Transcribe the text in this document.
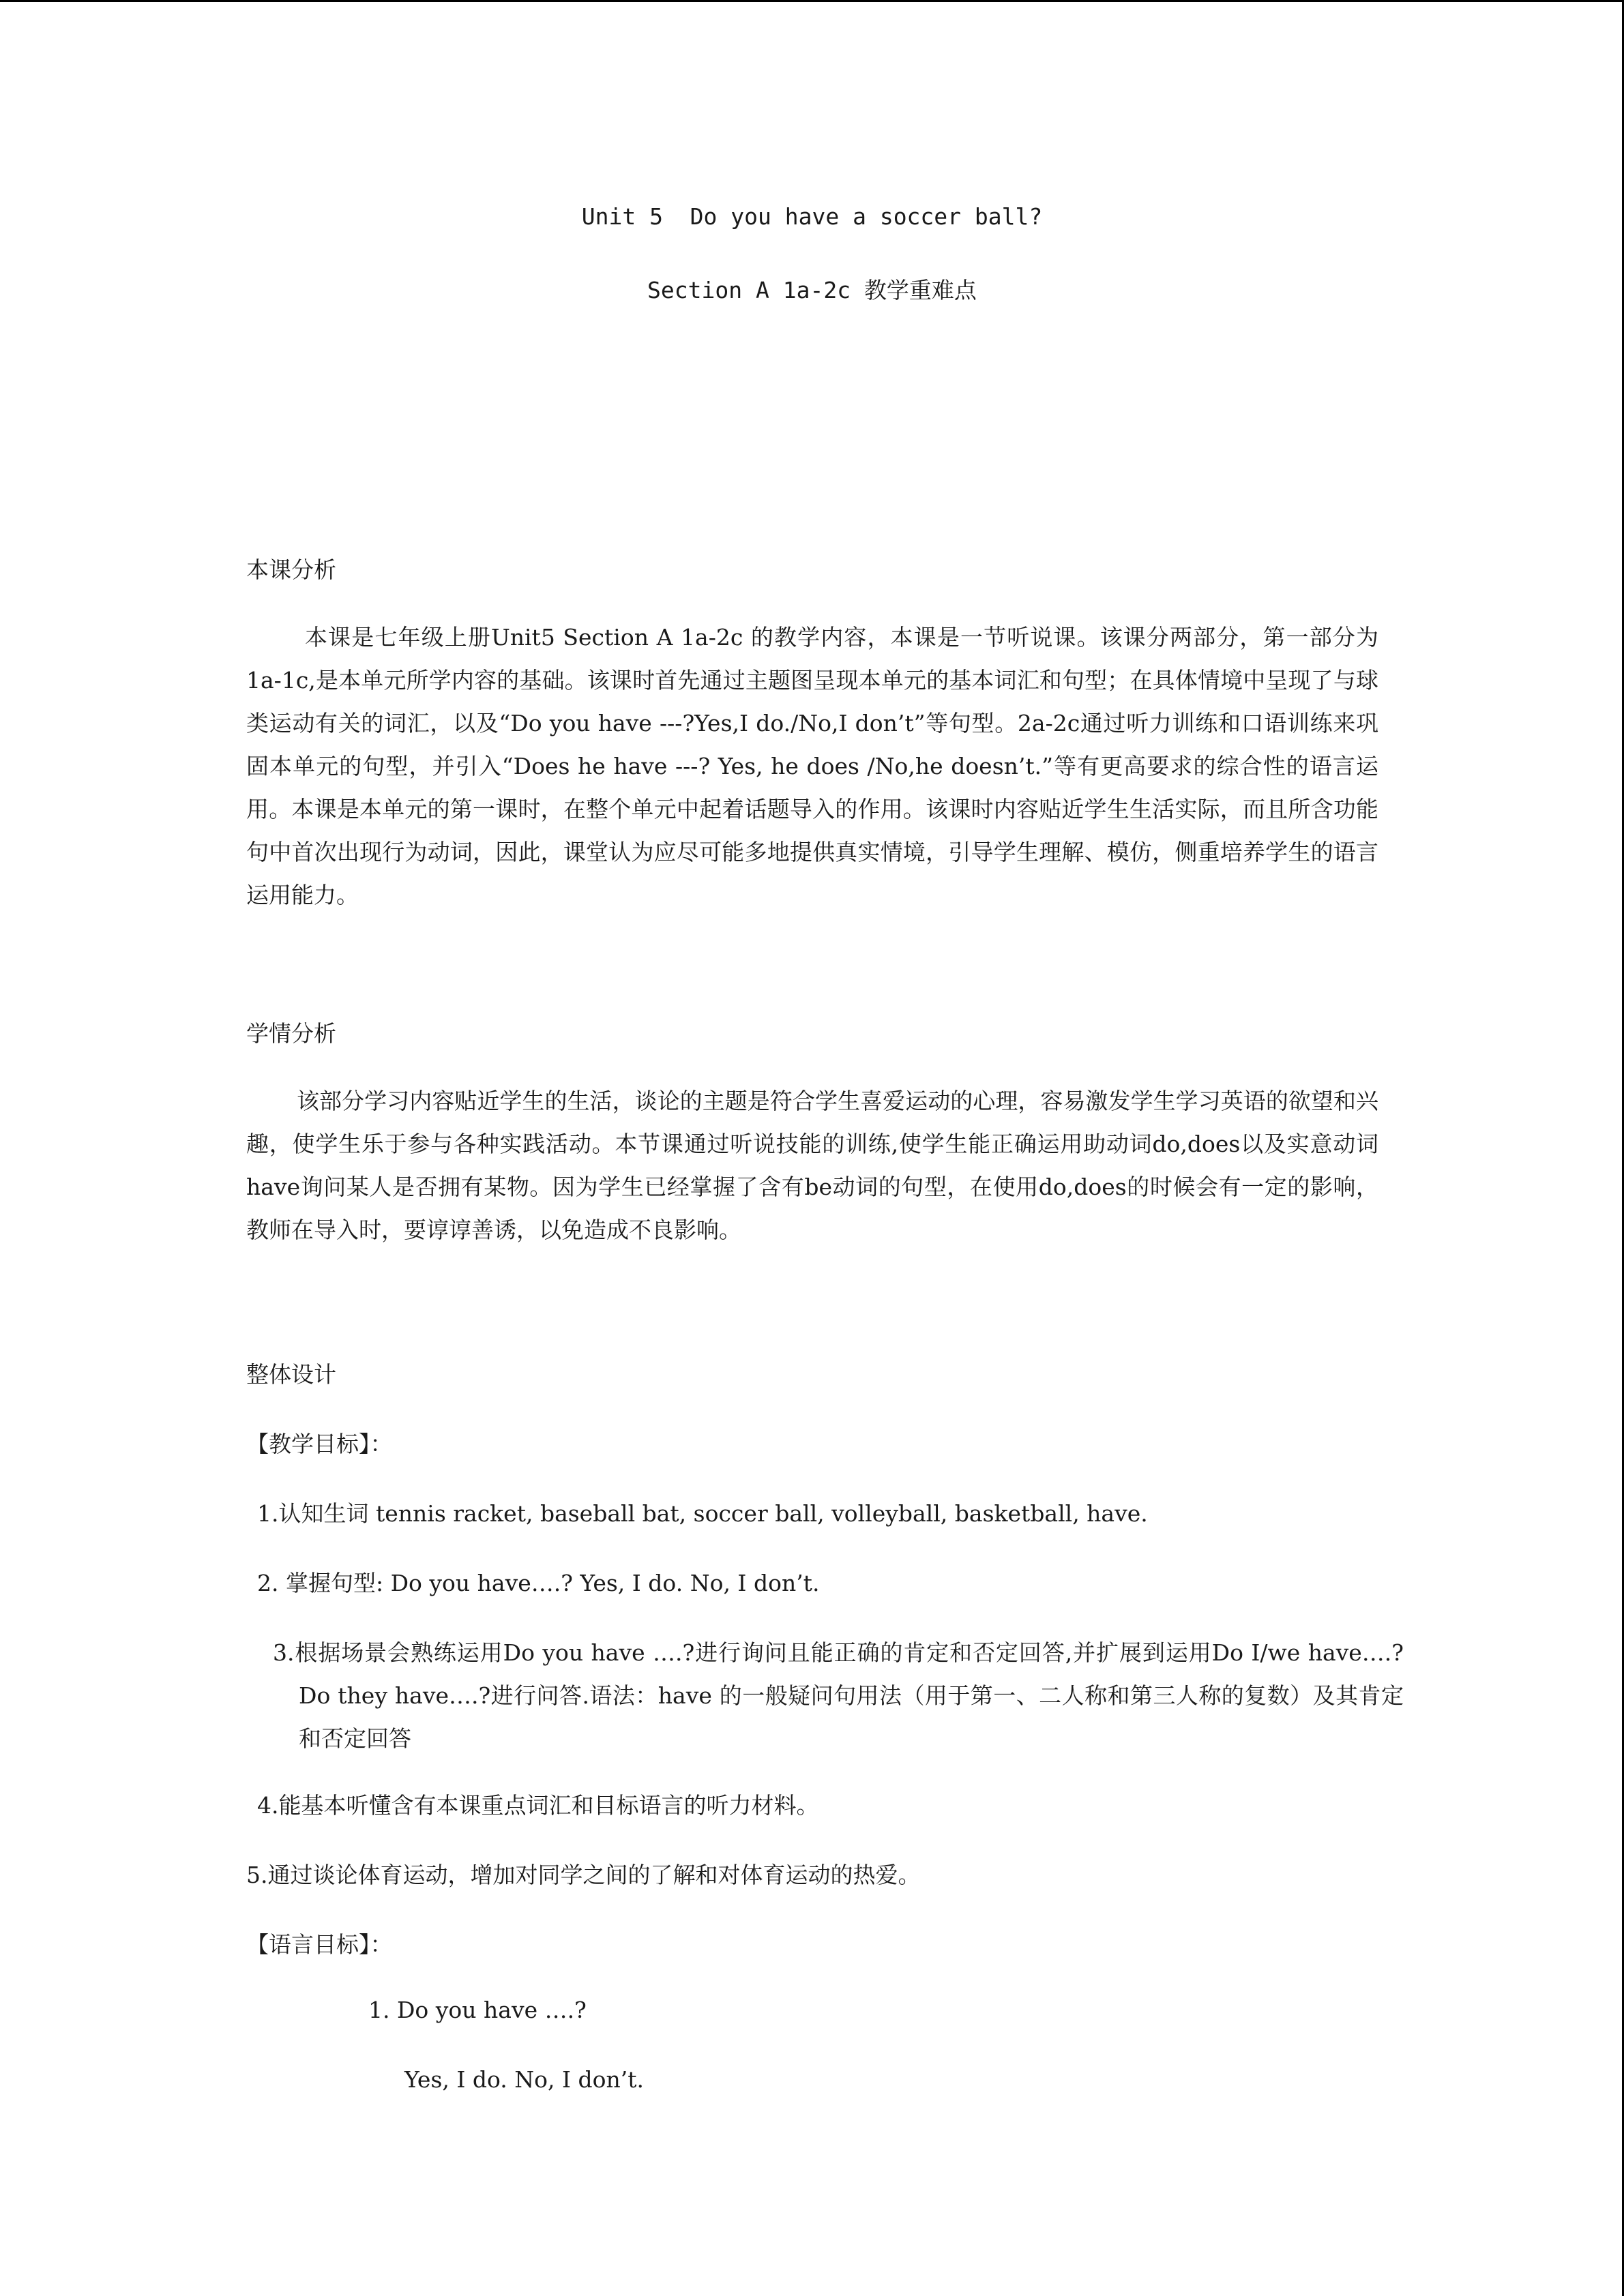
Unit 5  Do you have a soccer ball?
Section A 1a-2c 教学重难点
本课分析
本课是七年级上册Unit5 Section A 1a-2c 的教学内容，本课是一节听说课。该课分两部分，第一部分为1a-1c,是本单元所学内容的基础。该课时首先通过主题图呈现本单元的基本词汇和句型；在具体情境中呈现了与球类运动有关的词汇，以及“Do you have ---?Yes,I do./No,I don’t”等句型。2a-2c通过听力训练和口语训练来巩固本单元的句型，并引入“Does he have ---? Yes, he does /No,he doesn’t.”等有更高要求的综合性的语言运用。本课是本单元的第一课时，在整个单元中起着话题导入的作用。该课时内容贴近学生生活实际，而且所含功能句中首次出现行为动词，因此，课堂认为应尽可能多地提供真实情境，引导学生理解、模仿，侧重培养学生的语言运用能力。
学情分析
该部分学习内容贴近学生的生活，谈论的主题是符合学生喜爱运动的心理，容易激发学生学习英语的欲望和兴趣，使学生乐于参与各种实践活动。本节课通过听说技能的训练,使学生能正确运用助动词do,does以及实意动词have询问某人是否拥有某物。因为学生已经掌握了含有be动词的句型，在使用do,does的时候会有一定的影响，教师在导入时，要谆谆善诱，以免造成不良影响。
整体设计
【教学目标】：
1.认知生词 tennis racket, baseball bat, soccer ball, volleyball, basketball, have.
2. 掌握句型: Do you have….? Yes, I do. No, I don’t.
3.根据场景会熟练运用Do you have ….?进行询问且能正确的肯定和否定回答,并扩展到运用Do I/we have….? Do they have….?进行问答.语法：have 的一般疑问句用法（用于第一、二人称和第三人称的复数）及其肯定和否定回答
4.能基本听懂含有本课重点词汇和目标语言的听力材料。
5.通过谈论体育运动，增加对同学之间的了解和对体育运动的热爱。
【语言目标】：
1. Do you have ….?
Yes, I do. No, I don’t.
